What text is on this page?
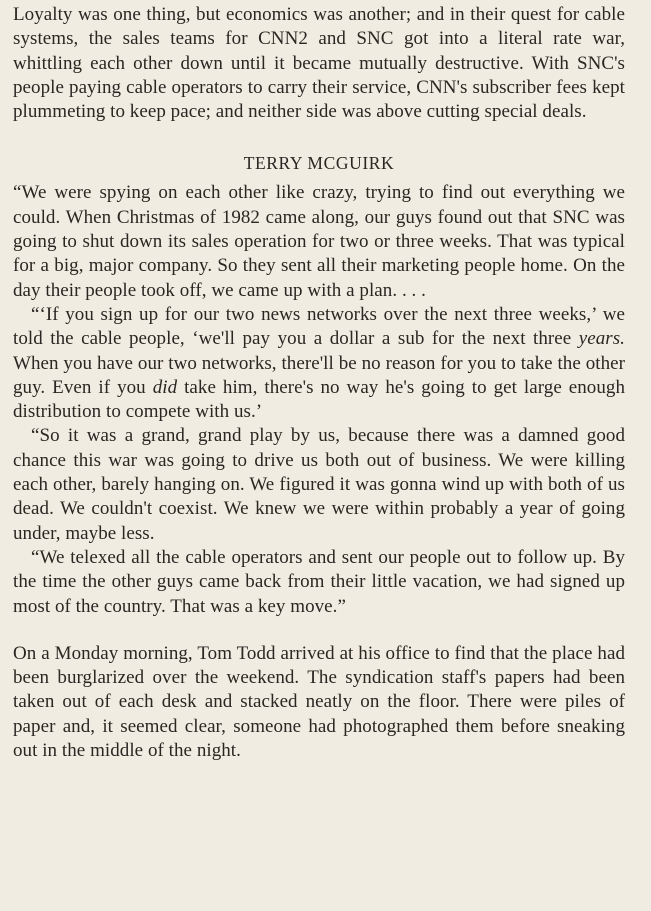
Loyalty was one thing, but economics was another; and in their quest for cable systems, the sales teams for CNN2 and SNC got into a literal rate war, whittling each other down until it became mutually destructive. With SNC's people paying cable operators to carry their service, CNN's subscriber fees kept plummeting to keep pace; and neither side was above cutting special deals.

TERRY MCGUIRK

“We were spying on each other like crazy, trying to find out everything we could. When Christmas of 1982 came along, our guys found out that SNC was going to shut down its sales operation for two or three weeks. That was typical for a big, major company. So they sent all their marketing people home. On the day their people took off, we came up with a plan. . . .

“‘If you sign up for our two news networks over the next three weeks,’ we told the cable people, ‘we'll pay you a dollar a sub for the next three years. When you have our two networks, there'll be no reason for you to take the other guy. Even if you did take him, there's no way he's going to get large enough distribution to compete with us.’

“So it was a grand, grand play by us, because there was a damned good chance this war was going to drive us both out of business. We were killing each other, barely hanging on. We figured it was gonna wind up with both of us dead. We couldn't coexist. We knew we were within probably a year of going under, maybe less.

“We telexed all the cable operators and sent our people out to follow up. By the time the other guys came back from their little vacation, we had signed up most of the country. That was a key move.”

On a Monday morning, Tom Todd arrived at his office to find that the place had been burglarized over the weekend. The syndication staff's papers had been taken out of each desk and stacked neatly on the floor. There were piles of paper and, it seemed clear, someone had photographed them before sneaking out in the middle of the night.
